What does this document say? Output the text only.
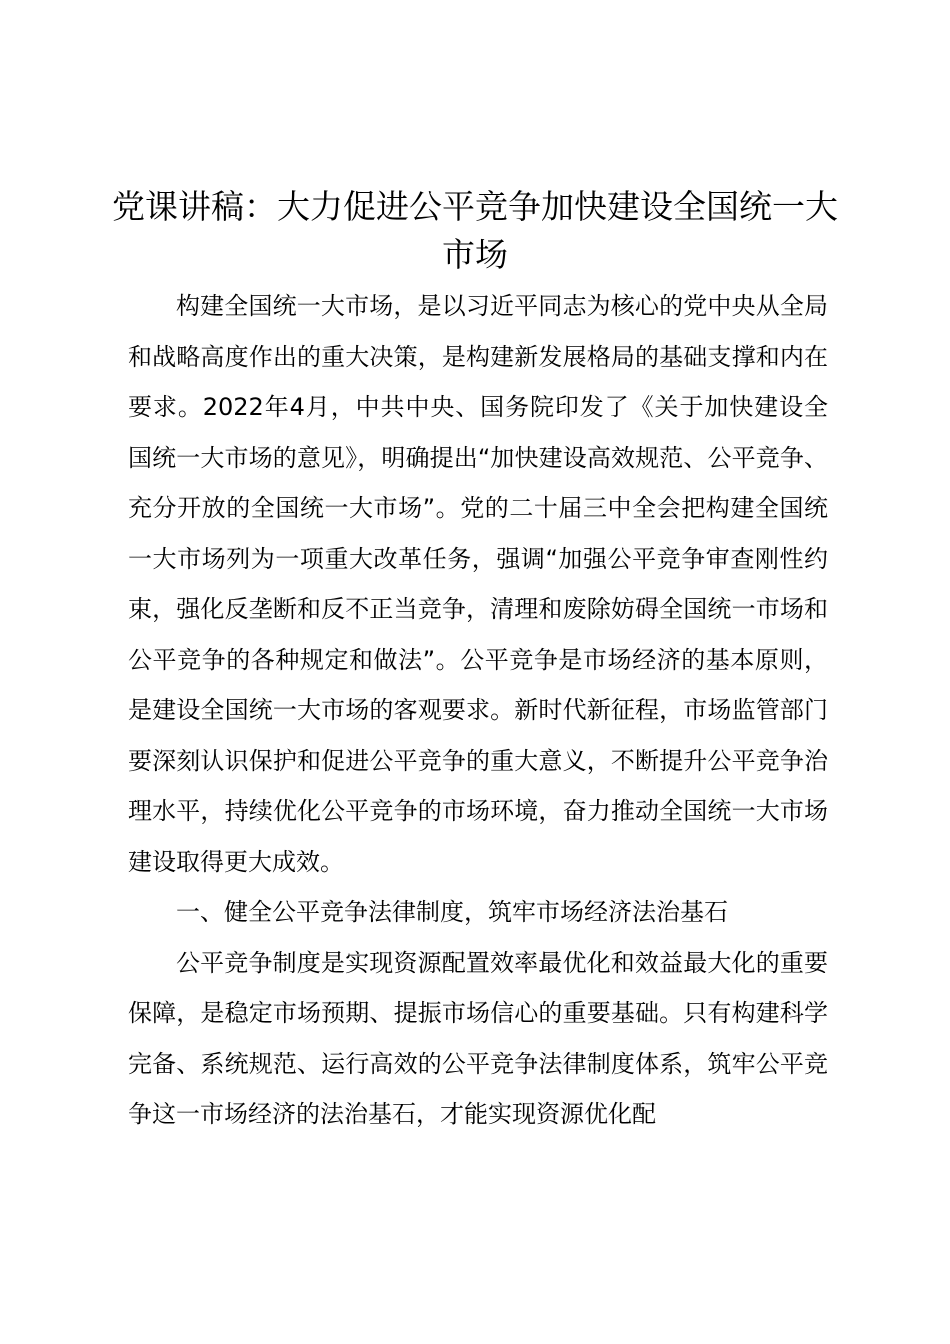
党课讲稿：大力促进公平竞争加快建设全国统一大市场

构建全国统一大市场，是以习近平同志为核心的党中央从全局和战略高度作出的重大决策，是构建新发展格局的基础支撑和内在要求。2022年4月，中共中央、国务院印发了《关于加快建设全国统一大市场的意见》，明确提出“加快建设高效规范、公平竞争、充分开放的全国统一大市场”。党的二十届三中全会把构建全国统一大市场列为一项重大改革任务，强调“加强公平竞争审查刚性约束，强化反垄断和反不正当竞争，清理和废除妨碍全国统一市场和公平竞争的各种规定和做法”。公平竞争是市场经济的基本原则，是建设全国统一大市场的客观要求。新时代新征程，市场监管部门要深刻认识保护和促进公平竞争的重大意义，不断提升公平竞争治理水平，持续优化公平竞争的市场环境，奋力推动全国统一大市场建设取得更大成效。

一、健全公平竞争法律制度，筑牢市场经济法治基石

公平竞争制度是实现资源配置效率最优化和效益最大化的重要保障，是稳定市场预期、提振市场信心的重要基础。只有构建科学完备、系统规范、运行高效的公平竞争法律制度体系，筑牢公平竞争这一市场经济的法治基石，才能实现资源优化配
